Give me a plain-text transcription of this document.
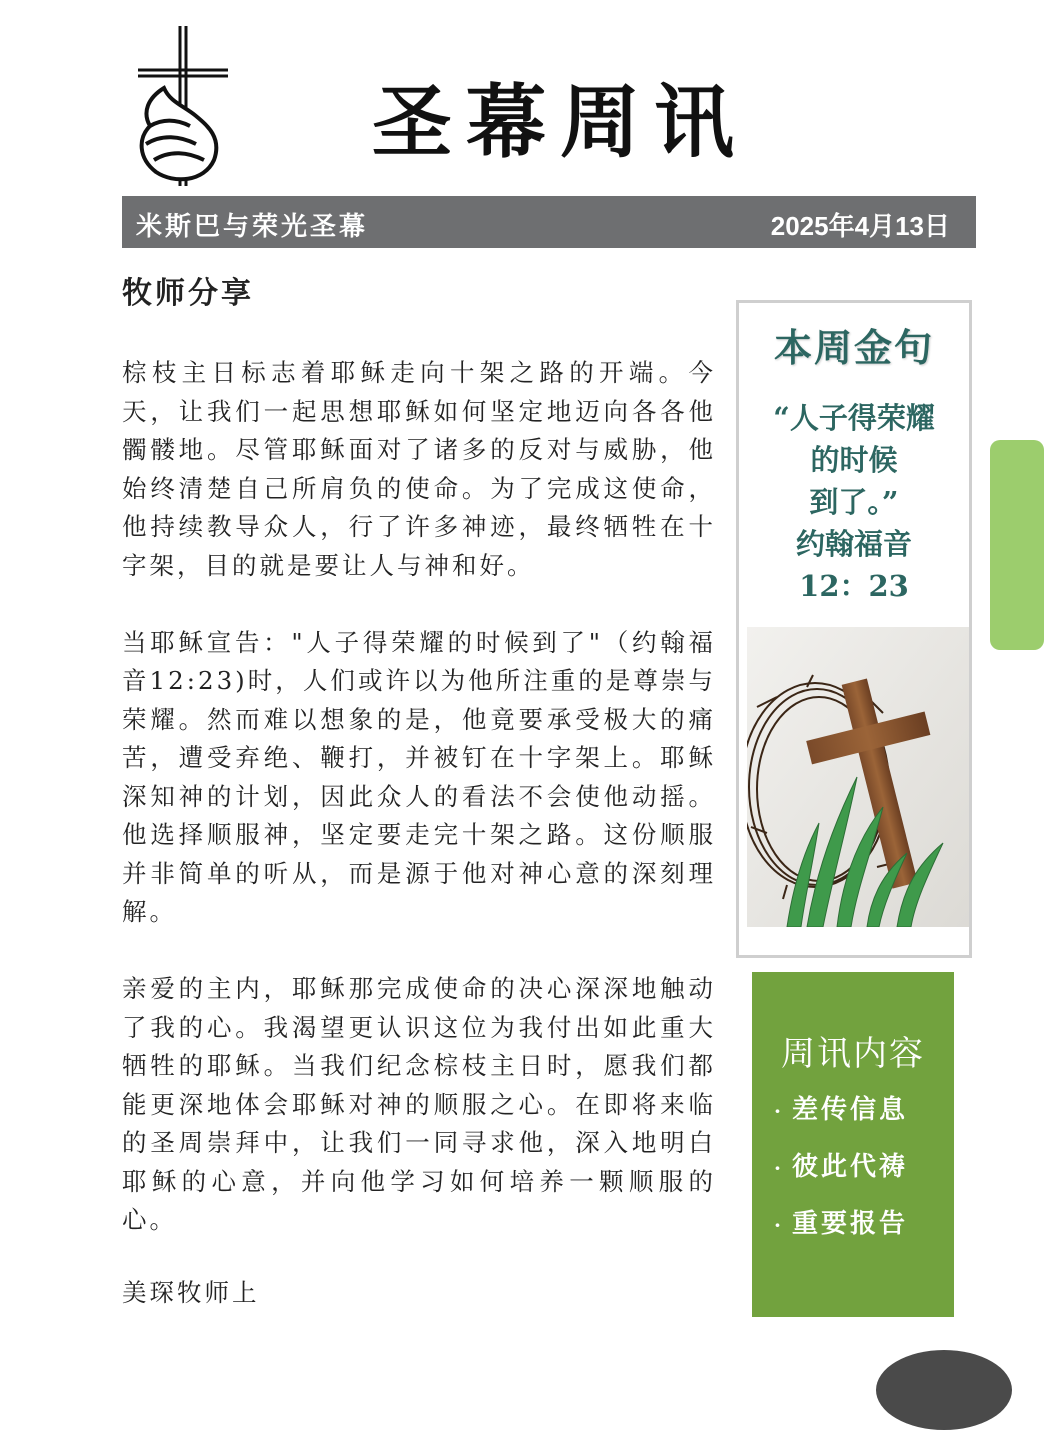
圣幕周讯
米斯巴与荣光圣幕	2025年4月13日
牧师分享

棕枝主日标志着耶稣走向十架之路的开端。今天，让我们一起思想耶稣如何坚定地迈向各各他髑髅地。尽管耶稣面对了诸多的反对与威胁，他始终清楚自己所肩负的使命。为了完成这使命，他持续教导众人，行了许多神迹，最终牺牲在十字架，目的就是要让人与神和好。

当耶稣宣告："人子得荣耀的时候到了"（约翰福音12:23)时，人们或许以为他所注重的是尊崇与荣耀。然而难以想象的是，他竟要承受极大的痛苦，遭受弃绝、鞭打，并被钉在十字架上。耶稣深知神的计划，因此众人的看法不会使他动摇。他选择顺服神，坚定要走完十架之路。这份顺服并非简单的听从，而是源于他对神心意的深刻理解。

亲爱的主内，耶稣那完成使命的决心深深地触动了我的心。我渴望更认识这位为我付出如此重大牺牲的耶稣。当我们纪念棕枝主日时，愿我们都能更深地体会耶稣对神的顺服之心。在即将来临的圣周崇拜中，让我们一同寻求他，深入地明白耶稣的心意，并向他学习如何培养一颗顺服的心。

美琛牧师上
本周金句
“人子得荣耀
的时候
到了。”
约翰福音
12：23
周讯内容
· 差传信息
· 彼此代祷
· 重要报告
